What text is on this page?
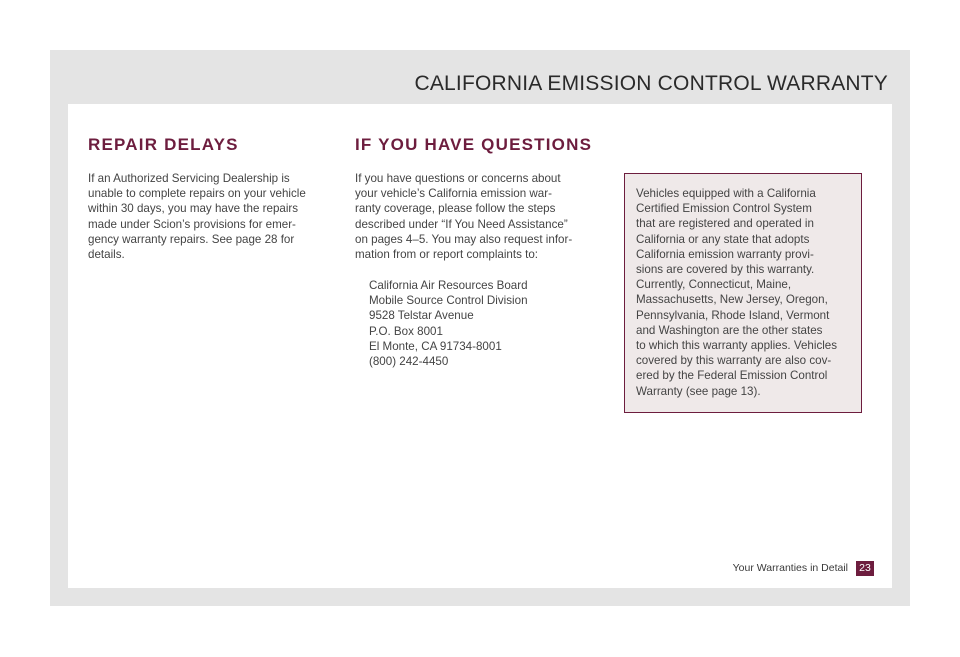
CALIFORNIA EMISSION CONTROL WARRANTY
REPAIR DELAYS

If an Authorized Servicing Dealership is
unable to complete repairs on your vehicle
within 30 days, you may have the repairs
made under Scion’s provisions for emer-
gency warranty repairs. See page 28 for
details.

IF YOU HAVE QUESTIONS

If you have questions or concerns about
your vehicle’s California emission war-
ranty coverage, please follow the steps
described under “If You Need Assistance”
on pages 4–5. You may also request infor-
mation from or report complaints to:

California Air Resources Board
Mobile Source Control Division
9528 Telstar Avenue
P.O. Box 8001
El Monte, CA 91734-8001
(800) 242-4450

Vehicles equipped with a California
Certified Emission Control System
that are registered and operated in
California or any state that adopts
California emission warranty provi-
sions are covered by this warranty.
Currently, Connecticut, Maine,
Massachusetts, New Jersey, Oregon,
Pennsylvania, Rhode Island, Vermont
and Washington are the other states
to which this warranty applies. Vehicles
covered by this warranty are also cov-
ered by the Federal Emission Control
Warranty (see page 13).

Your Warranties in Detail	23
